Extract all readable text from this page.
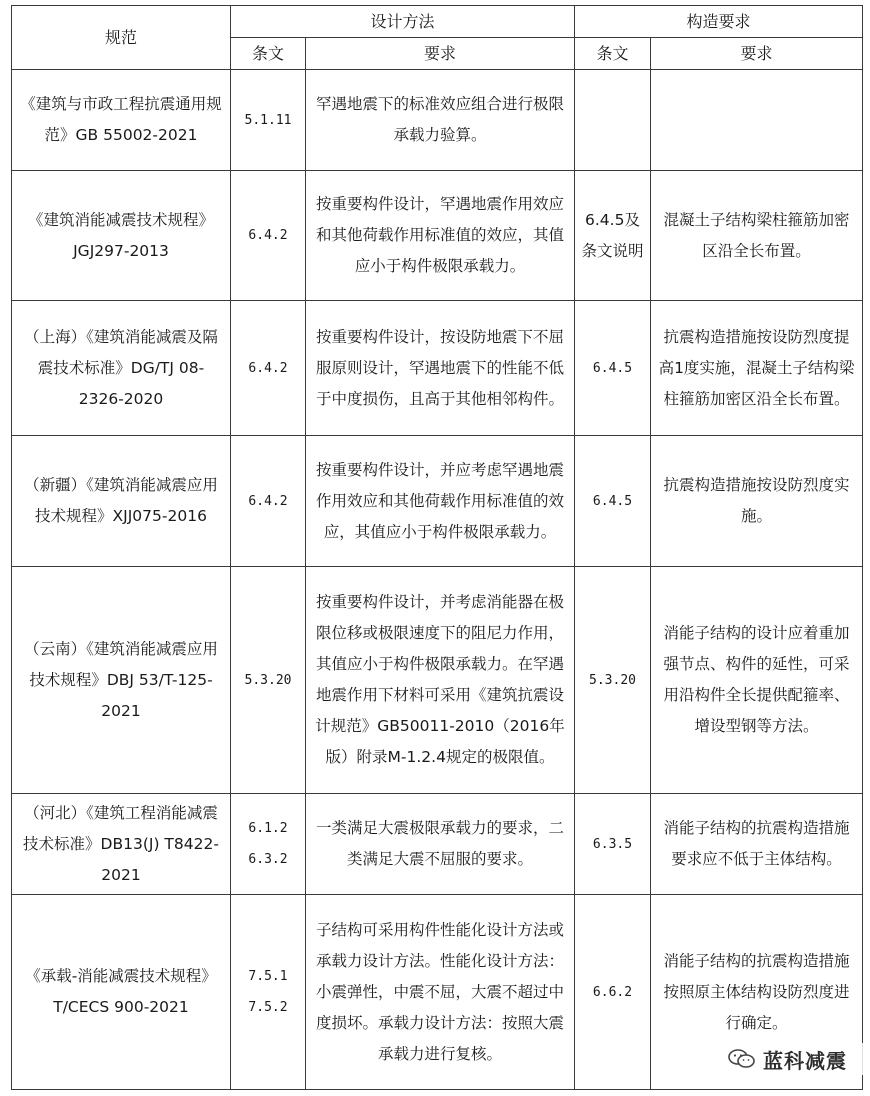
规范	设计方法		构造要求	
	条文	要求	条文	要求
《建筑与市政工程抗震通用规范》GB 55002-2021	5.1.11	罕遇地震下的标准效应组合进行极限承载力验算。		
《建筑消能减震技术规程》JGJ297-2013	6.4.2	按重要构件设计，罕遇地震作用效应和其他荷载作用标准值的效应，其值应小于构件极限承载力。	6.4.5及条文说明	混凝土子结构梁柱箍筋加密区沿全长布置。
（上海）《建筑消能减震及隔震技术标准》DG/TJ 08-2326-2020	6.4.2	按重要构件设计，按设防地震下不屈服原则设计，罕遇地震下的性能不低于中度损伤，且高于其他相邻构件。	6.4.5	抗震构造措施按设防烈度提高1度实施，混凝土子结构梁柱箍筋加密区沿全长布置。
（新疆）《建筑消能减震应用技术规程》XJJ075-2016	6.4.2	按重要构件设计，并应考虑罕遇地震作用效应和其他荷载作用标准值的效应，其值应小于构件极限承载力。	6.4.5	抗震构造措施按设防烈度实施。
（云南）《建筑消能减震应用技术规程》DBJ 53/T-125-2021	5.3.20	按重要构件设计，并考虑消能器在极限位移或极限速度下的阻尼力作用，其值应小于构件极限承载力。在罕遇地震作用下材料可采用《建筑抗震设计规范》GB50011-2010（2016年版）附录M-1.2.4规定的极限值。	5.3.20	消能子结构的设计应着重加强节点、构件的延性，可采用沿构件全长提供配箍率、增设型钢等方法。
（河北）《建筑工程消能减震技术标准》DB13(J) T8422-2021	6.1.2 6.3.2	一类满足大震极限承载力的要求，二类满足大震不屈服的要求。	6.3.5	消能子结构的抗震构造措施要求应不低于主体结构。
《承载-消能减震技术规程》T/CECS 900-2021	7.5.1 7.5.2	子结构可采用构件性能化设计方法或承载力设计方法。性能化设计方法：小震弹性，中震不屈，大震不超过中度损坏。承载力设计方法：按照大震承载力进行复核。	6.6.2	消能子结构的抗震构造措施按照原主体结构设防烈度进行确定。
蓝科减震
